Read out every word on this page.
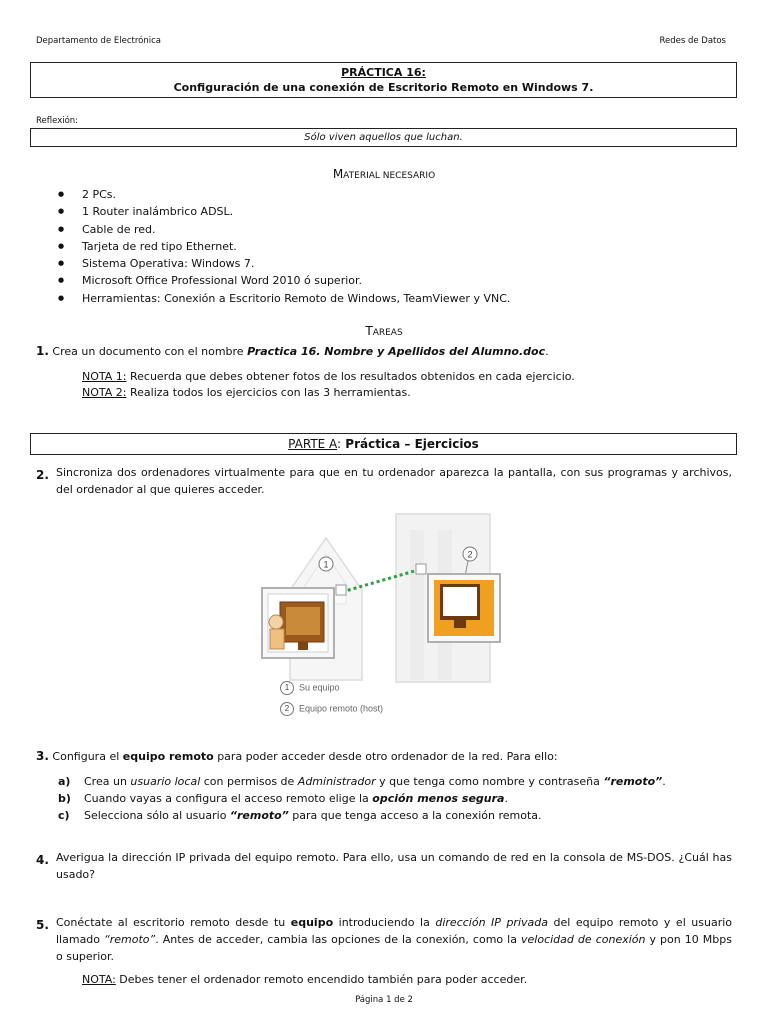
Departamento de Electrónica	Redes de Datos
PRÁCTICA 16:
Configuración de una conexión de Escritorio Remoto en Windows 7.
Reflexión:
Sólo viven aquellos que luchan.
MATERIAL NECESARIO
● 2 PCs.
● 1 Router inalámbrico ADSL.
● Cable de red.
● Tarjeta de red tipo Ethernet.
● Sistema Operativa: Windows 7.
● Microsoft Office Professional Word 2010 ó superior.
● Herramientas: Conexión a Escritorio Remoto de Windows, TeamViewer y VNC.
TAREAS
1. Crea un documento con el nombre Practica 16. Nombre y Apellidos del Alumno.doc.
NOTA 1: Recuerda que debes obtener fotos de los resultados obtenidos en cada ejercicio.
NOTA 2: Realiza todos los ejercicios con las 3 herramientas.
PARTE A: Práctica – Ejercicios
2. Sincroniza dos ordenadores virtualmente para que en tu ordenador aparezca la pantalla, con sus programas y archivos, del ordenador al que quieres acceder.
1
2
1 Su equipo
2 Equipo remoto (host)
3. Configura el equipo remoto para poder acceder desde otro ordenador de la red. Para ello:
a) Crea un usuario local con permisos de Administrador y que tenga como nombre y contraseña “remoto”.
b) Cuando vayas a configura el acceso remoto elige la opción menos segura.
c) Selecciona sólo al usuario “remoto” para que tenga acceso a la conexión remota.
4. Averigua la dirección IP privada del equipo remoto. Para ello, usa un comando de red en la consola de MS-DOS. ¿Cuál has usado?
5. Conéctate al escritorio remoto desde tu equipo introduciendo la dirección IP privada del equipo remoto y el usuario llamado “remoto”. Antes de acceder, cambia las opciones de la conexión, como la velocidad de conexión y pon 10 Mbps o superior.
NOTA: Debes tener el ordenador remoto encendido también para poder acceder.
Página 1 de 2
